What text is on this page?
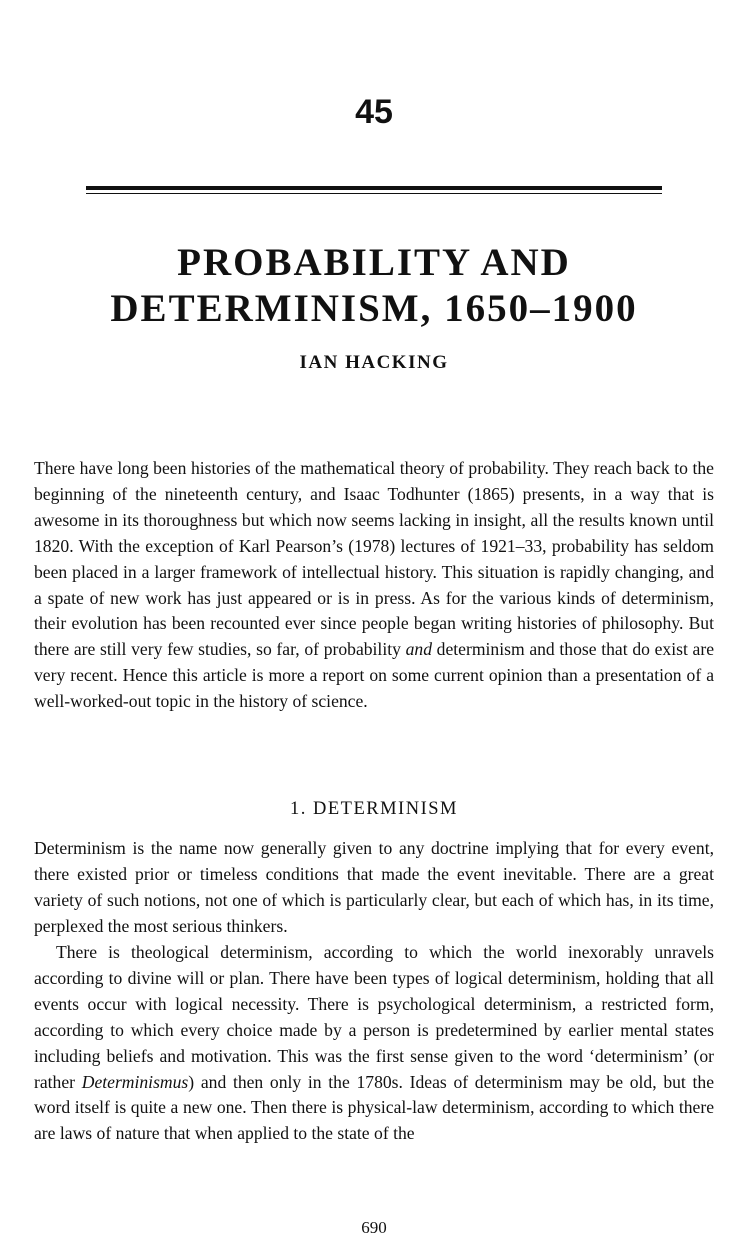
45
PROBABILITY AND
DETERMINISM, 1650–1900

IAN HACKING

There have long been histories of the mathematical theory of probability. They reach back to the beginning of the nineteenth century, and Isaac Todhunter (1865) presents, in a way that is awesome in its thoroughness but which now seems lacking in insight, all the results known until 1820. With the exception of Karl Pearson’s (1978) lectures of 1921–33, probability has seldom been placed in a larger framework of intellectual history. This situation is rapidly changing, and a spate of new work has just appeared or is in press. As for the various kinds of determinism, their evolution has been recounted ever since people began writing histories of philosophy. But there are still very few studies, so far, of probability and determinism and those that do exist are very recent. Hence this article is more a report on some current opinion than a presentation of a well-worked-out topic in the history of science.

1. DETERMINISM

Determinism is the name now generally given to any doctrine implying that for every event, there existed prior or timeless conditions that made the event inevitable. There are a great variety of such notions, not one of which is particularly clear, but each of which has, in its time, perplexed the most serious thinkers.

There is theological determinism, according to which the world inexorably unravels according to divine will or plan. There have been types of logical determinism, holding that all events occur with logical necessity. There is psychological determinism, a restricted form, according to which every choice made by a person is predetermined by earlier mental states including beliefs and motivation. This was the first sense given to the word ‘determinism’ (or rather Determinismus) and then only in the 1780s. Ideas of determinism may be old, but the word itself is quite a new one. Then there is physical-law determinism, according to which there are laws of nature that when applied to the state of the

690
